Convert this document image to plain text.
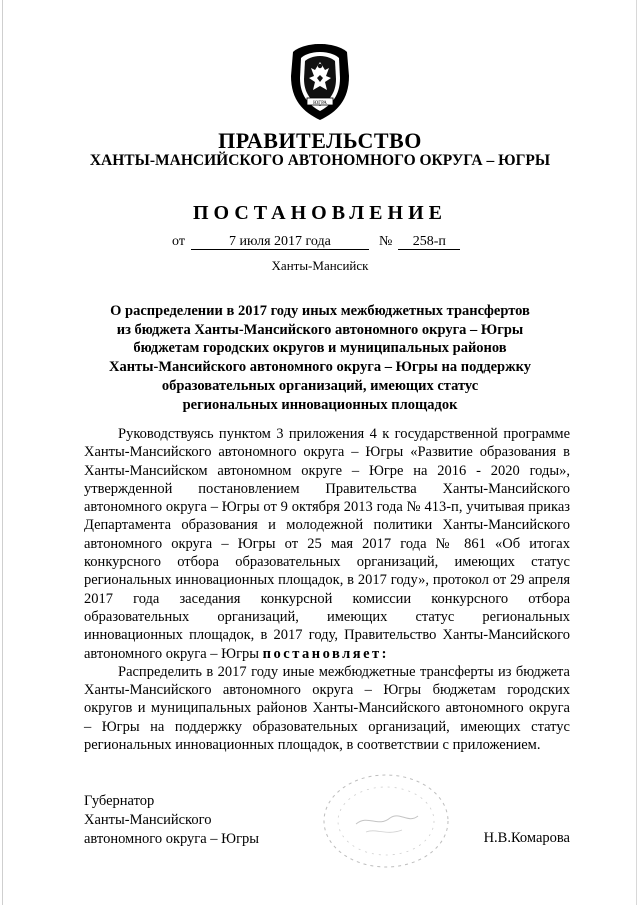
ЮГРА
ПРАВИТЕЛЬСТВО
ХАНТЫ-МАНСИЙСКОГО АВТОНОМНОГО ОКРУГА – ЮГРЫ
ПОСТАНОВЛЕНИЕ
от	7 июля 2017 года	№ 258-п
Ханты-Мансийск
О распределении в 2017 году иных межбюджетных трансфертов
из бюджета Ханты-Мансийского автономного округа – Югры
бюджетам городских округов и муниципальных районов
Ханты-Мансийского автономного округа – Югры на поддержку
образовательных организаций, имеющих статус
региональных инновационных площадок

Руководствуясь пунктом 3 приложения 4 к государственной программе Ханты-Мансийского автономного округа – Югры «Развитие образования в Ханты-Мансийском автономном округе – Югре на 2016 - 2020 годы», утвержденной постановлением Правительства Ханты-Мансийского автономного округа – Югры от 9 октября 2013 года № 413-п, учитывая приказ Департамента образования и молодежной политики Ханты-Мансийского автономного округа – Югры от 25 мая 2017 года № 861 «Об итогах конкурсного отбора образовательных организаций, имеющих статус региональных инновационных площадок, в 2017 году», протокол от 29 апреля 2017 года заседания конкурсной комиссии конкурсного отбора образовательных организаций, имеющих статус региональных инновационных площадок, в 2017 году, Правительство Ханты-Мансийского автономного округа – Югры постановляет:

Распределить в 2017 году иные межбюджетные трансферты из бюджета Ханты-Мансийского автономного округа – Югры бюджетам городских округов и муниципальных районов Ханты-Мансийского автономного округа – Югры на поддержку образовательных организаций, имеющих статус региональных инновационных площадок, в соответствии с приложением.

Губернатор
Ханты-Мансийского
автономного округа – Югры	Н.В.Комарова
